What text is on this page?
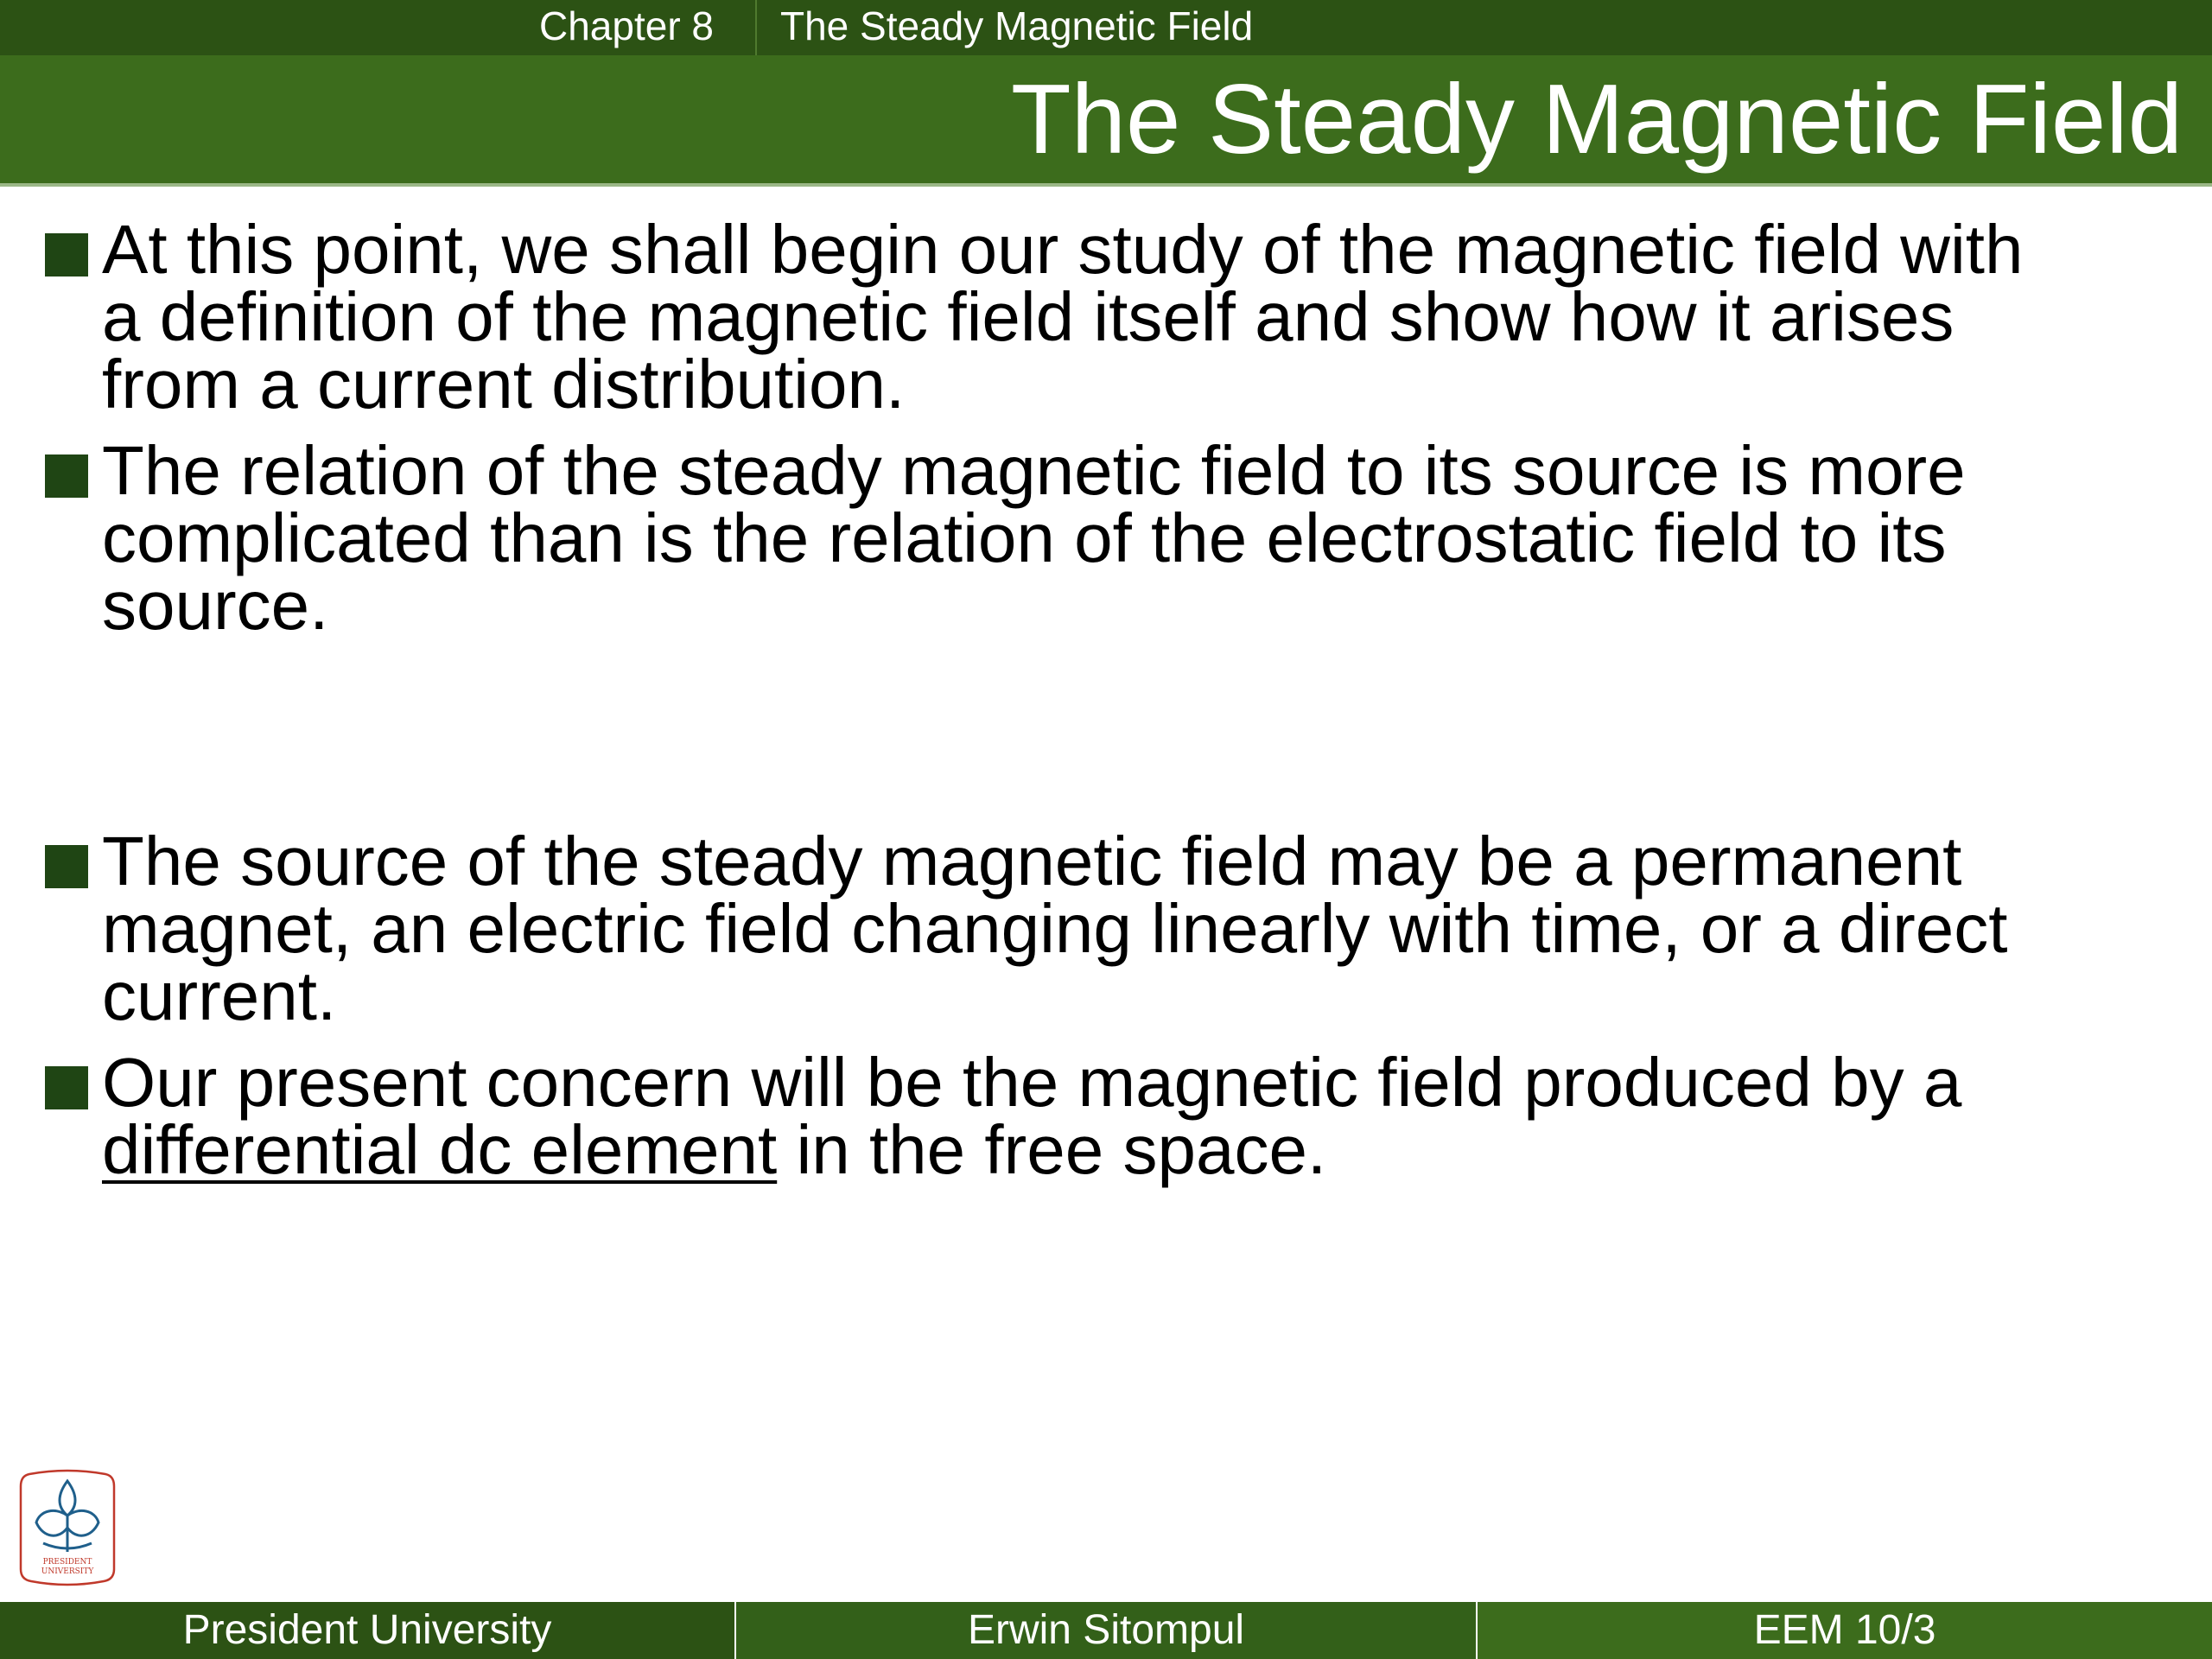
Chapter 8	The Steady Magnetic Field
The Steady Magnetic Field
At this point, we shall begin our study of the magnetic field with
a definition of the magnetic field itself and show how it arises
from a current distribution.
The relation of the steady magnetic field to its source is more
complicated than is the relation of the electrostatic field to its
source.
The source of the steady magnetic field may be a permanent
magnet, an electric field changing linearly with time, or a direct
current.
Our present concern will be the magnetic field produced by a
differential dc element in the free space.
PRESIDENT
UNIVERSITY
President University	Erwin Sitompul	EEM 10/3
